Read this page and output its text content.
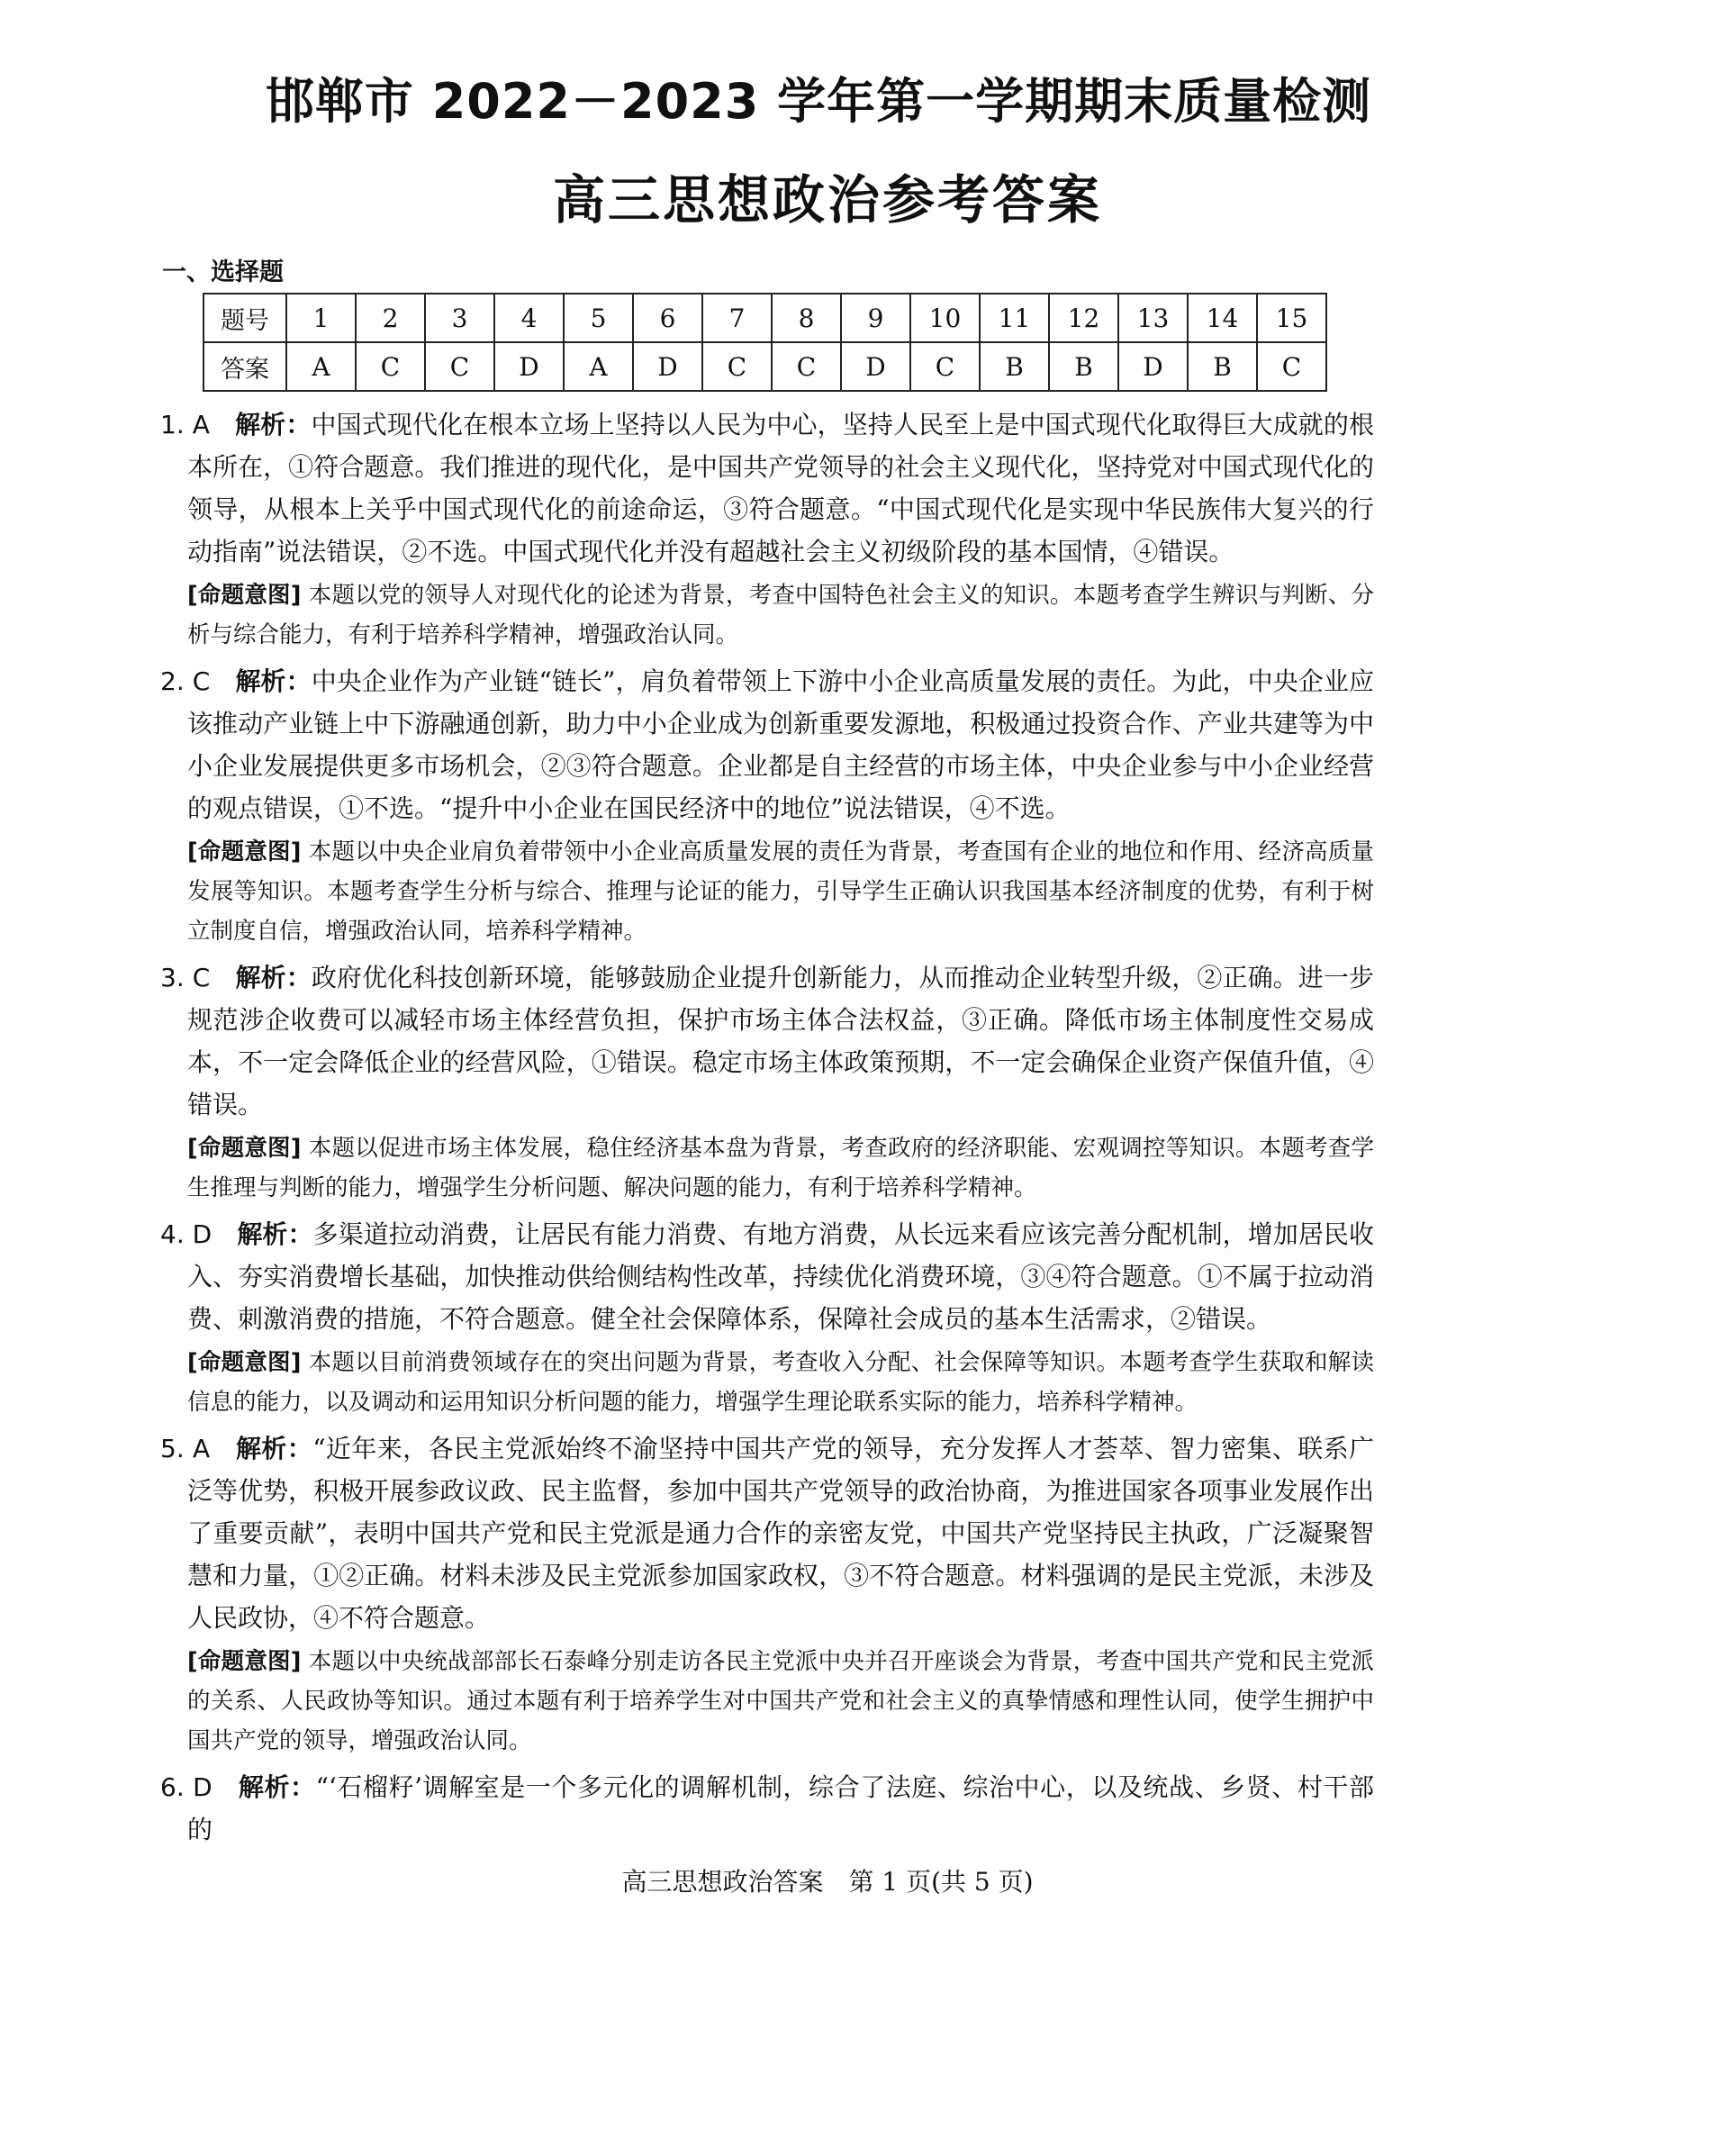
邯郸市 2022－2023 学年第一学期期末质量检测
高三思想政治参考答案
一、选择题
题号	1	2	3	4	5	6	7	8	9	10	11	12	13	14	15
答案	A	C	C	D	A	D	C	C	D	C	B	B	D	B	C
1. A　 解析：中国式现代化在根本立场上坚持以人民为中心，坚持人民至上是中国式现代化取得巨大成就的根本所在，①符合题意。我们推进的现代化，是中国共产党领导的社会主义现代化，坚持党对中国式现代化的领导，从根本上关乎中国式现代化的前途命运，③符合题意。“中国式现代化是实现中华民族伟大复兴的行动指南”说法错误，②不选。中国式现代化并没有超越社会主义初级阶段的基本国情，④错误。
[命题意图] 本题以党的领导人对现代化的论述为背景，考查中国特色社会主义的知识。本题考查学生辨识与判断、分析与综合能力，有利于培养科学精神，增强政治认同。
2. C　 解析：中央企业作为产业链“链长”，肩负着带领上下游中小企业高质量发展的责任。为此，中央企业应该推动产业链上中下游融通创新，助力中小企业成为创新重要发源地，积极通过投资合作、产业共建等为中小企业发展提供更多市场机会，②③符合题意。企业都是自主经营的市场主体，中央企业参与中小企业经营的观点错误，①不选。“提升中小企业在国民经济中的地位”说法错误，④不选。
[命题意图] 本题以中央企业肩负着带领中小企业高质量发展的责任为背景，考查国有企业的地位和作用、经济高质量发展等知识。本题考查学生分析与综合、推理与论证的能力，引导学生正确认识我国基本经济制度的优势，有利于树立制度自信，增强政治认同，培养科学精神。
3. C　 解析：政府优化科技创新环境，能够鼓励企业提升创新能力，从而推动企业转型升级，②正确。进一步规范涉企收费可以减轻市场主体经营负担，保护市场主体合法权益，③正确。降低市场主体制度性交易成本，不一定会降低企业的经营风险，①错误。稳定市场主体政策预期，不一定会确保企业资产保值升值，④错误。
[命题意图] 本题以促进市场主体发展，稳住经济基本盘为背景，考查政府的经济职能、宏观调控等知识。本题考查学生推理与判断的能力，增强学生分析问题、解决问题的能力，有利于培养科学精神。
4. D　 解析：多渠道拉动消费，让居民有能力消费、有地方消费，从长远来看应该完善分配机制，增加居民收入、夯实消费增长基础，加快推动供给侧结构性改革，持续优化消费环境，③④符合题意。①不属于拉动消费、刺激消费的措施，不符合题意。健全社会保障体系，保障社会成员的基本生活需求，②错误。
[命题意图] 本题以目前消费领域存在的突出问题为背景，考查收入分配、社会保障等知识。本题考查学生获取和解读信息的能力，以及调动和运用知识分析问题的能力，增强学生理论联系实际的能力，培养科学精神。
5. A　 解析：“近年来，各民主党派始终不渝坚持中国共产党的领导，充分发挥人才荟萃、智力密集、联系广泛等优势，积极开展参政议政、民主监督，参加中国共产党领导的政治协商，为推进国家各项事业发展作出了重要贡献”，表明中国共产党和民主党派是通力合作的亲密友党，中国共产党坚持民主执政，广泛凝聚智慧和力量，①②正确。材料未涉及民主党派参加国家政权，③不符合题意。材料强调的是民主党派，未涉及人民政协，④不符合题意。
[命题意图] 本题以中央统战部部长石泰峰分别走访各民主党派中央并召开座谈会为背景，考查中国共产党和民主党派的关系、人民政协等知识。通过本题有利于培养学生对中国共产党和社会主义的真挚情感和理性认同，使学生拥护中国共产党的领导，增强政治认同。
6. D　 解析：“‘石榴籽’调解室是一个多元化的调解机制，综合了法庭、综治中心，以及统战、乡贤、村干部的
高三思想政治答案　第 1 页(共 5 页)
